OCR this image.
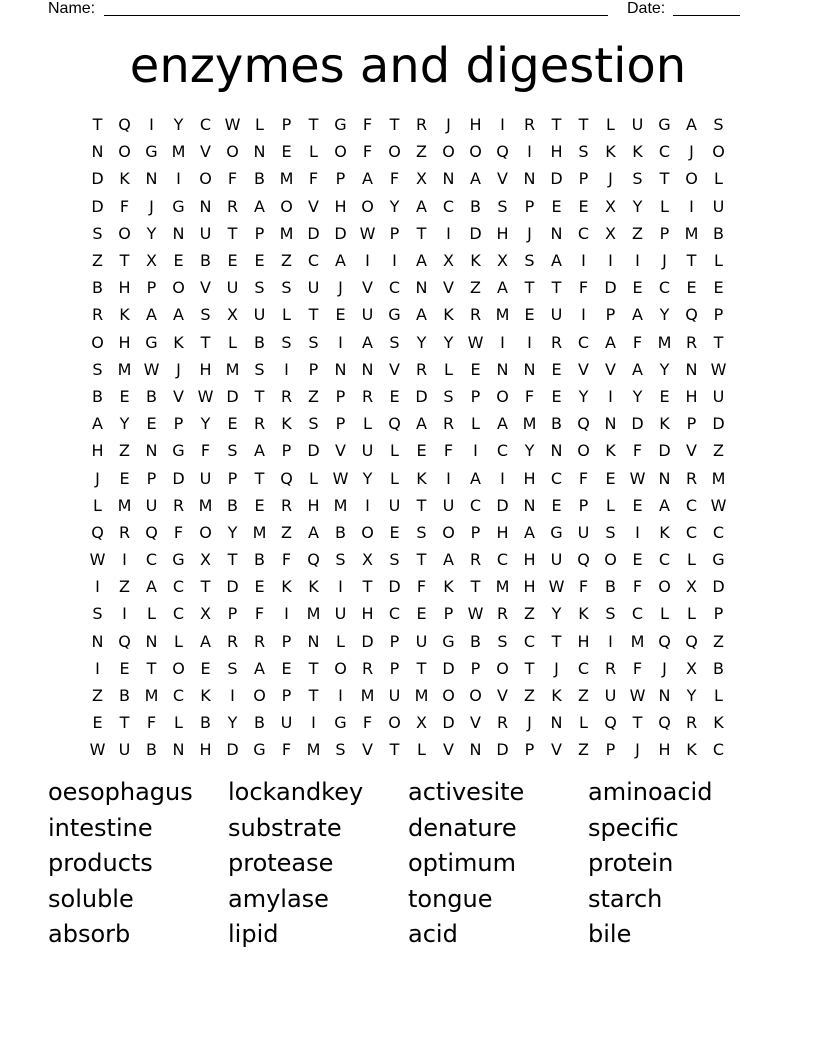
Name:	Date:
enzymes and digestion
T Q	I	Y	C W L	P	T G	F	T	R	J	H	I	R	T	T	L	U G A	S
N O G M V O N E	L	O	F	O Z O O Q	I	H S	K	K	C	J	O
D K N	I	O	F	B M F	P	A	F	X N A	V N D	P	J	S	T O	L
D	F	J	G N R A O V H O Y	A C B	S	P	E	E	X	Y	L	I	U
S O Y	N U	T	P M D D W P	T	I	D H	J	N C X	Z	P M B
Z	T	X	E	B	E	E	Z C A	I	I	A	X	K	X	S	A	I	I	I	J	T	L
B H	P O V U	S	S	U	J	V C N V	Z	A	T	T	F	D E	C	E	E
R	K	A	A	S	X U	L	T	E	U G A	K	R M E	U	I	P	A	Y Q P
O H G K	T	L	B	S	S	I	A	S	Y	Y W	I	I	R C A	F M R	T
S M W	J	H M S	I	P	N N V R	L	E N N E	V	V	A	Y	N W
B	E	B	V W D T	R Z	P	R	E D S	P O	F	E	Y	I	Y	E H U
A	Y	E	P	Y	E	R	K	S	P	L	Q A R	L	A M B Q N D K	P	D
H Z N G	F	S	A	P	D V U	L	E	F	I	C	Y	N O K	F	D V	Z
J	E	P	D U	P	T Q	L W Y	L	K	I	A	I	H C	F	E W N R M
L M U R M B	E	R H M	I	U	T	U C D N E	P	L	E	A C W
Q R Q	F	O Y M Z	A	B O E	S O P	H A G U	S	I	K	C C
W	I	C G X	T	B	F	Q S	X	S	T	A R C H U Q O E	C	L	G
I	Z	A C	T D E	K	K	I	T D	F	K	T M H W F	B	F	O X D
S	I	L	C X	P	F	I	M U H C	E	P W R Z	Y	K	S	C	L	L	P
N Q N	L	A R R	P	N	L	D	P	U G B	S	C	T	H	I	M Q Q Z
I	E	T O E	S	A	E	T O R	P	T D	P O T	J	C R	F	J	X	B
Z	B M C	K	I	O P	T	I	M U M O O V	Z	K	Z U W N	Y	L
E	T	F	L	B	Y	B U	I	G	F	O X D V R	J	N	L	Q T Q R	K
W U B N H D G	F M S	V	T	L	V N D	P	V	Z	P	J	H K	C
oesophagus	lockandkey	activesite	aminoacid
intestine	substrate	denature	specific
products	protease	optimum	protein
soluble	amylase	tongue	starch
absorb	lipid	acid	bile
